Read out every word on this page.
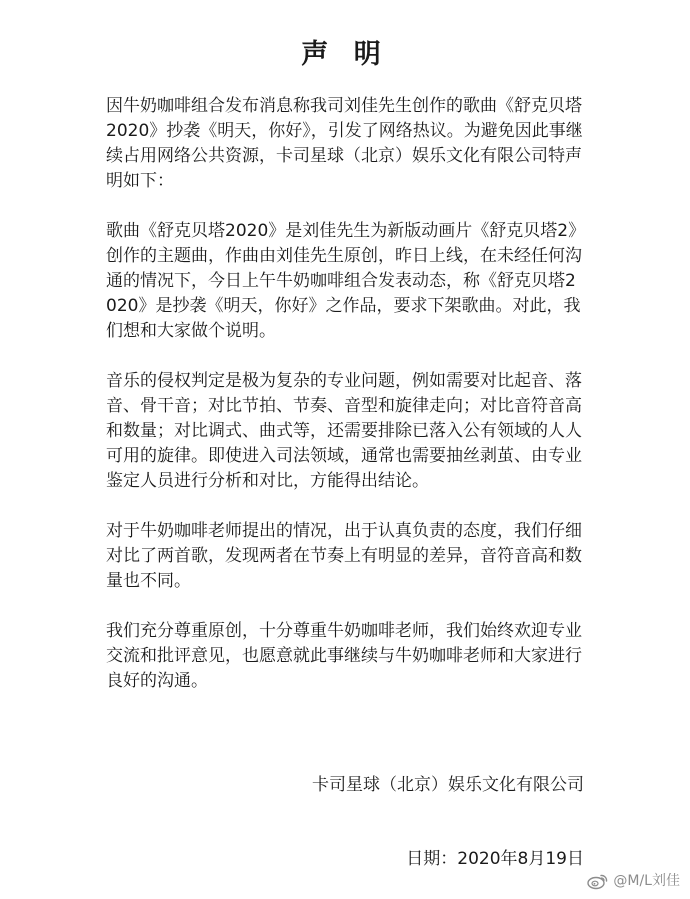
声 明

因牛奶咖啡组合发布消息称我司刘佳先生创作的歌曲《舒克贝塔2020》抄袭《明天，你好》，引发了网络热议。为避免因此事继续占用网络公共资源，卡司星球（北京）娱乐文化有限公司特声明如下：

歌曲《舒克贝塔2020》是刘佳先生为新版动画片《舒克贝塔2》创作的主题曲，作曲由刘佳先生原创，昨日上线，在未经任何沟通的情况下，今日上午牛奶咖啡组合发表动态，称《舒克贝塔2020》是抄袭《明天，你好》之作品，要求下架歌曲。对此，我们想和大家做个说明。

音乐的侵权判定是极为复杂的专业问题，例如需要对比起音、落音、骨干音；对比节拍、节奏、音型和旋律走向；对比音符音高和数量；对比调式、曲式等，还需要排除已落入公有领域的人人可用的旋律。即使进入司法领域，通常也需要抽丝剥茧、由专业鉴定人员进行分析和对比，方能得出结论。

对于牛奶咖啡老师提出的情况，出于认真负责的态度，我们仔细对比了两首歌，发现两者在节奏上有明显的差异，音符音高和数量也不同。

我们充分尊重原创，十分尊重牛奶咖啡老师，我们始终欢迎专业交流和批评意见，也愿意就此事继续与牛奶咖啡老师和大家进行良好的沟通。

卡司星球（北京）娱乐文化有限公司
日期：2020年8月19日
@M/L刘佳
